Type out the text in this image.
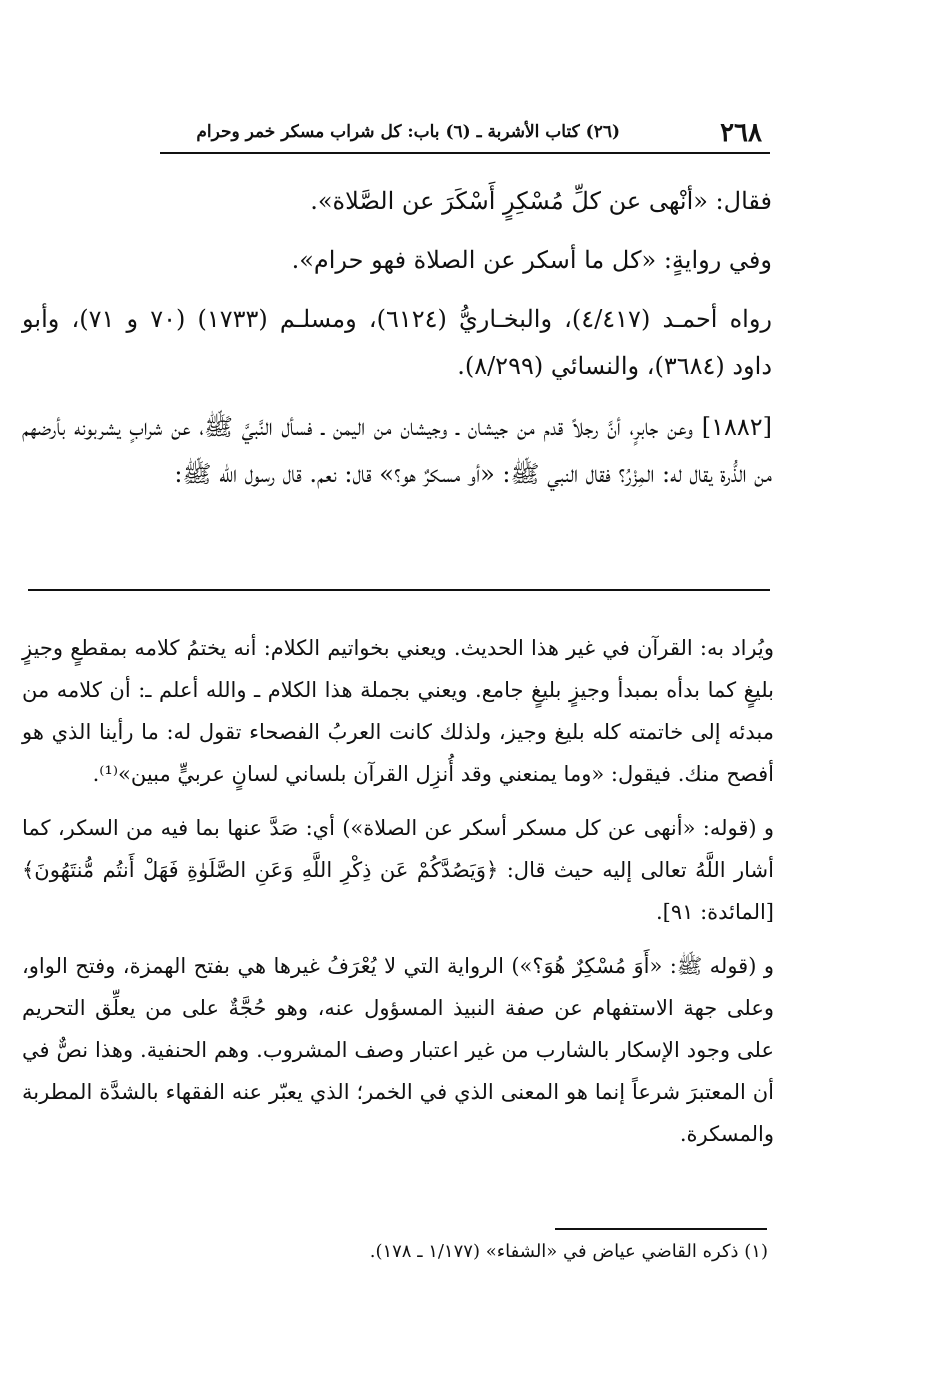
٢٦٨
(٢٦) كتاب الأشربة ـ (٦) باب: كل شراب مسكر خمر وحرام

فقال: «أنْهى عن كلِّ مُسْكِرٍ أَسْكَرَ عن الصَّلاة».

وفي روايةٍ: «كل ما أسكر عن الصلاة فهو حرام».

رواه أحمـد (٤/٤١٧)، والبخـاريُّ (٦١٢٤)، ومسلـم (١٧٣٣) (٧٠ و ٧١)، وأبو داود (٣٦٨٤)، والنسائي (٨/٢٩٩).

[١٨٨٢] وعن جابرٍ، أنَّ رجلاً قدم من جيشان ـ وجيشان من اليمن ـ فسأل النَّبيَّ ﷺ، عن شرابٍ يشربونه بأرضهم من الذُّرة يقال له: المِزْرُ؟ فقال النبي ﷺ: «أو مسكرٌ هو؟» قال: نعم. قال رسول الله ﷺ:

ويُراد به: القرآن في غير هذا الحديث. ويعني بخواتيم الكلام: أنه يختمُ كلامه بمقطعٍ وجيزٍ بليغٍ كما بدأه بمبدأ وجيزٍ بليغٍ جامع. ويعني بجملة هذا الكلام ـ والله أعلم ـ: أن كلامه من مبدئه إلى خاتمته كله بليغ وجيز، ولذلك كانت العربُ الفصحاء تقول له: ما رأينا الذي هو أفصح منك. فيقول: «وما يمنعني وقد أُنزِل القرآن بلساني لسانٍ عربيٍّ مبين»⁽¹⁾.

و (قوله: «أنهى عن كل مسكر أسكر عن الصلاة») أي: صَدَّ عنها بما فيه من السكر، كما أشار اللَّهُ تعالى إليه حيث قال: ﴿وَيَصُدَّكُمْ عَن ذِكْرِ اللَّهِ وَعَنِ الصَّلَوٰةِ فَهَلْ أَنتُم مُّنتَهُونَ﴾ [المائدة: ٩١].

و (قوله ﷺ: «أَوَ مُسْكِرٌ هُوَ؟») الرواية التي لا يُعْرَفُ غيرها هي بفتح الهمزة، وفتح الواو، وعلى جهة الاستفهام عن صفة النبيذ المسؤول عنه، وهو حُجَّةٌ على من يعلِّق التحريم على وجود الإسكار بالشارب من غير اعتبار وصف المشروب. وهم الحنفية. وهذا نصٌّ في أن المعتبرَ شرعاً إنما هو المعنى الذي في الخمر؛ الذي يعبّر عنه الفقهاء بالشدَّة المطربة والمسكرة.

(١) ذكره القاضي عياض في «الشفاء» (١/١٧٧ ـ ١٧٨).
